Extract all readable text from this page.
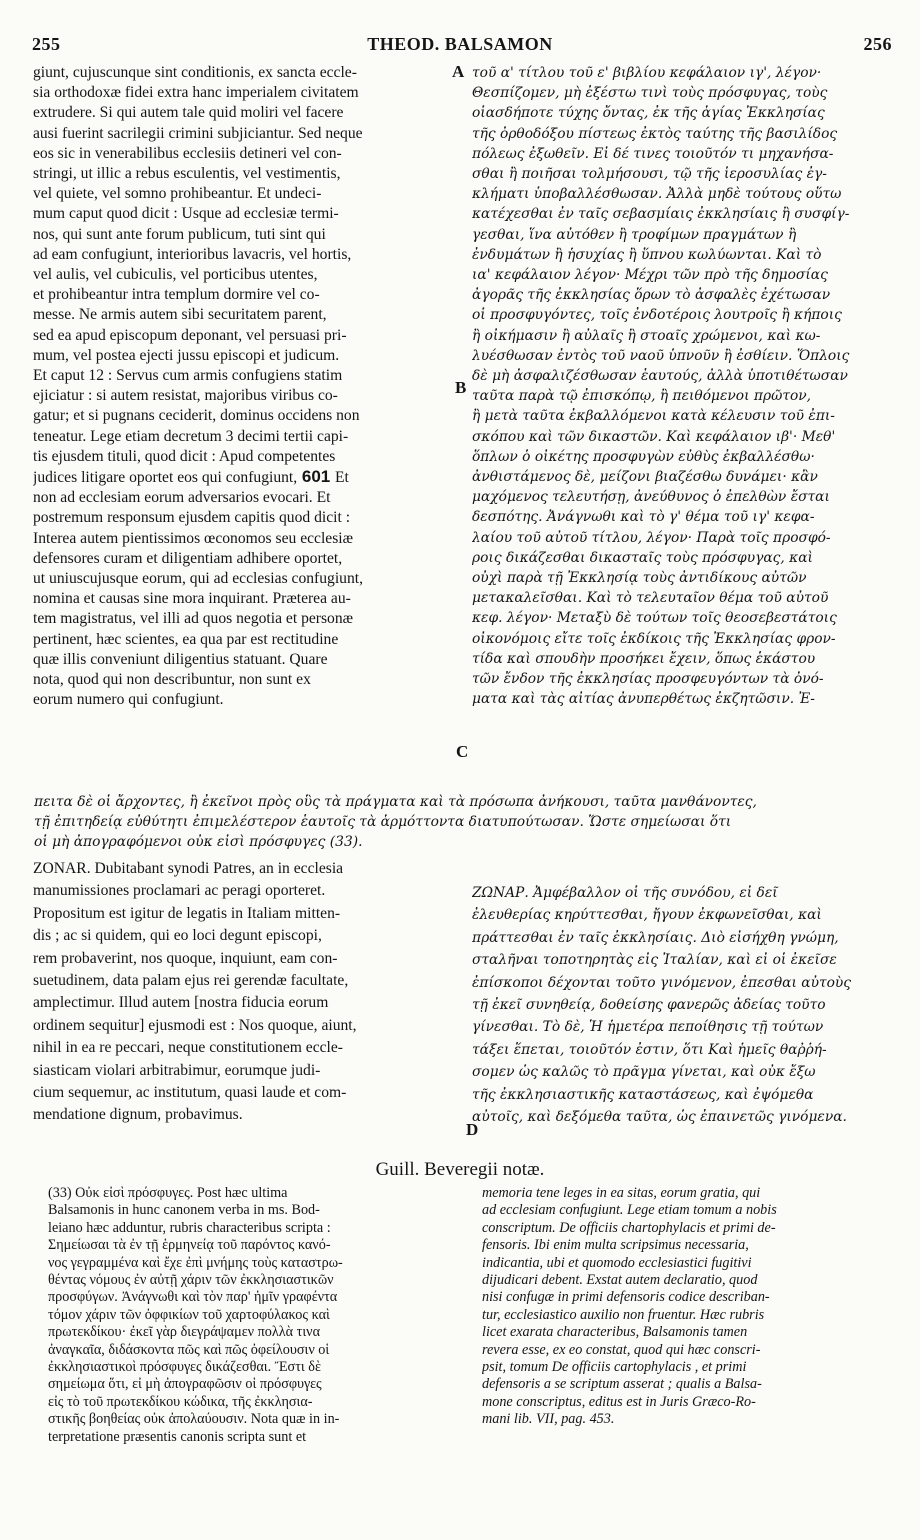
255	THEOD. BALSAMON	256
giunt, cujuscunque sint conditionis, ex sancta eccle-
sia orthodoxæ fidei extra hanc imperialem civitatem
extrudere. Si qui autem tale quid moliri vel facere
ausi fuerint sacrilegii crimini subjiciantur. Sed neque
eos sic in venerabilibus ecclesiis detineri vel con-
stringi, ut illic a rebus esculentis, vel vestimentis,
vel quiete, vel somno prohibeantur. Et undeci-
mum caput quod dicit : Usque ad ecclesiæ termi-
nos, qui sunt ante forum publicum, tuti sint qui
ad eam confugiunt, interioribus lavacris, vel hortis,
vel aulis, vel cubiculis, vel porticibus utentes,
et prohibeantur intra templum dormire vel co-
messe. Ne armis autem sibi securitatem parent,
sed ea apud episcopum deponant, vel persuasi pri-
mum, vel postea ejecti jussu episcopi et judicum.
Et caput 12 : Servus cum armis confugiens statim
ejiciatur : si autem resistat, majoribus viribus co-
gatur; et si pugnans ceciderit, dominus occidens non
teneatur. Lege etiam decretum 3 decimi tertii capi-
tis ejusdem tituli, quod dicit : Apud competentes
judices litigare oportet eos qui confugiunt, 601 Et
non ad ecclesiam eorum adversarios evocari. Et
postremum responsum ejusdem capitis quod dicit :
Interea autem pientissimos œconomos seu ecclesiæ
defensores curam et diligentiam adhibere oportet,
ut uniuscujusque eorum, qui ad ecclesias confugiunt,
nomina et causas sine mora inquirant. Præterea au-
tem magistratus, vel illi ad quos negotia et personæ
pertinent, hæc scientes, ea qua par est rectitudine
quæ illis conveniunt diligentius statuant. Quare
nota, quod qui non describuntur, non sunt ex
eorum numero qui confugiunt.
τοῦ α' τίτλου τοῦ ε' βιβλίου κεφάλαιον ιγ', λέγον·
Θεσπίζομεν, μὴ ἐξέστω τινὶ τοὺς πρόσφυγας, τοὺς
οἱασδήποτε τύχης ὄντας, ἐκ τῆς ἁγίας Ἐκκλησίας
τῆς ὀρθοδόξου πίστεως ἐκτὸς ταύτης τῆς βασιλίδος
πόλεως ἐξωθεῖν. Εἰ δέ τινες τοιοῦτόν τι μηχανήσα-
σθαι ἢ ποιῆσαι τολμήσουσι, τῷ τῆς ἱεροσυλίας ἐγ-
κλήματι ὑποβαλλέσθωσαν. Ἀλλὰ μηδὲ τούτους οὕτω
κατέχεσθαι ἐν ταῖς σεβασμίαις ἐκκλησίαις ἢ συσφίγ-
γεσθαι, ἵνα αὐτόθεν ἢ τροφίμων πραγμάτων ἢ
ἐνδυμάτων ἢ ἡσυχίας ἢ ὕπνου κωλύωνται. Καὶ τὸ
ια' κεφάλαιον λέγον· Μέχρι τῶν πρὸ τῆς δημοσίας
ἀγορᾶς τῆς ἐκκλησίας ὅρων τὸ ἀσφαλὲς ἐχέτωσαν
οἱ προσφυγόντες, τοῖς ἐνδοτέροις λουτροῖς ἢ κήποις
ἢ οἰκήμασιν ἢ αὐλαῖς ἢ στοαῖς χρώμενοι, καὶ κω-
λυέσθωσαν ἐντὸς τοῦ ναοῦ ὑπνοῦν ἢ ἐσθίειν. Ὅπλοις
δὲ μὴ ἀσφαλιζέσθωσαν ἑαυτούς, ἀλλὰ ὑποτιθέτωσαν
ταῦτα παρὰ τῷ ἐπισκόπῳ, ἢ πειθόμενοι πρῶτον,
ἢ μετὰ ταῦτα ἐκβαλλόμενοι κατὰ κέλευσιν τοῦ ἐπι-
σκόπου καὶ τῶν δικαστῶν. Καὶ κεφάλαιον ιβ'· Μεθ'
ὅπλων ὁ οἰκέτης προσφυγὼν εὐθὺς ἐκβαλλέσθω·
ἀνθιστάμενος δὲ, μείζονι βιαζέσθω δυνάμει· κἂν
μαχόμενος τελευτήσῃ, ἀνεύθυνος ὁ ἐπελθὼν ἔσται
δεσπότης. Ἀνάγνωθι καὶ τὸ γ' θέμα τοῦ ιγ' κεφα-
λαίου τοῦ αὐτοῦ τίτλου, λέγον· Παρὰ τοῖς προσφό-
ροις δικάζεσθαι δικασταῖς τοὺς πρόσφυγας, καὶ
οὐχὶ παρὰ τῇ Ἐκκλησίᾳ τοὺς ἀντιδίκους αὐτῶν
μετακαλεῖσθαι. Καὶ τὸ τελευταῖον θέμα τοῦ αὐτοῦ
κεφ. λέγον· Μεταξὺ δὲ τούτων τοῖς θεοσεβεστάτοις
οἰκονόμοις εἴτε τοῖς ἐκδίκοις τῆς Ἐκκλησίας φρον-
τίδα καὶ σπουδὴν προσήκει ἔχειν, ὅπως ἑκάστου
τῶν ἔνδον τῆς ἐκκλησίας προσφευγόντων τὰ ὀνό-
ματα καὶ τὰς αἰτίας ἀνυπερθέτως ἐκζητῶσιν. Ἐ-
A
B
C
D
πειτα δὲ οἱ ἄρχοντες, ἢ ἐκεῖνοι πρὸς οὓς τὰ πράγματα καὶ τὰ πρόσωπα ἀνήκουσι, ταῦτα μανθάνοντες,
τῇ ἐπιτηδείᾳ εὐθύτητι ἐπιμελέστερον ἑαυτοῖς τὰ ἁρμόττοντα διατυπούτωσαν. Ὥστε σημείωσαι ὅτι
οἱ μὴ ἀπογραφόμενοι οὐκ εἰσὶ πρόσφυγες (33).
ZONAR. Dubitabant synodi Patres, an in ecclesia
manumissiones proclamari ac peragi oporteret.
Propositum est igitur de legatis in Italiam mitten-
dis ; ac si quidem, qui eo loci degunt episcopi,
rem probaverint, nos quoque, inquiunt, eam con-
suetudinem, data palam ejus rei gerendæ facultate,
amplectimur. Illud autem [nostra fiducia eorum
ordinem sequitur] ejusmodi est : Nos quoque, aiunt,
nihil in ea re peccari, neque constitutionem eccle-
siasticam violari arbitrabimur, eorumque judi-
cium sequemur, ac institutum, quasi laude et com-
mendatione dignum, probavimus.
ΖΩΝΑΡ. Ἀμφέβαλλον οἱ τῆς συνόδου, εἰ δεῖ
ἐλευθερίας κηρύττεσθαι, ἤγουν ἐκφωνεῖσθαι, καὶ
πράττεσθαι ἐν ταῖς ἐκκλησίαις. Διὸ εἰσήχθη γνώμη,
σταλῆναι τοποτηρητὰς εἰς Ἰταλίαν, καὶ εἰ οἱ ἐκεῖσε
ἐπίσκοποι δέχονται τοῦτο γινόμενον, ἐπεσθαι αὐτοὺς
τῇ ἐκεῖ συνηθείᾳ, δοθείσης φανερῶς ἀδείας τοῦτο
γίνεσθαι. Τὸ δὲ, Ἡ ἡμετέρα πεποίθησις τῇ τούτων
τάξει ἕπεται, τοιοῦτόν ἐστιν, ὅτι Καὶ ἡμεῖς θαῤῥή-
σομεν ὡς καλῶς τὸ πρᾶγμα γίνεται, καὶ οὐκ ἔξω
τῆς ἐκκλησιαστικῆς καταστάσεως, καὶ ἐψόμεθα
αὐτοῖς, καὶ δεξόμεθα ταῦτα, ὡς ἐπαινετῶς γινόμενα.
Guill. Beveregii notæ.
(33) Οὐκ εἰσὶ πρόσφυγες. Post hæc ultima
Balsamonis in hunc canonem verba in ms. Bod-
leiano hæc adduntur, rubris characteribus scripta :
Σημείωσαι τὰ ἐν τῇ ἑρμηνείᾳ τοῦ παρόντος κανό-
νος γεγραμμένα καὶ ἔχε ἐπὶ μνήμης τοὺς καταστρω-
θέντας νόμους ἐν αὐτῇ χάριν τῶν ἐκκλησιαστικῶν
προσφύγων. Ἀνάγνωθι καὶ τὸν παρ' ἡμῖν γραφέντα
τόμον χάριν τῶν ὀφφικίων τοῦ χαρτοφύλακος καὶ
πρωτεκδίκου· ἐκεῖ γὰρ διεγράψαμεν πολλὰ τινα
ἀναγκαῖα, διδάσκοντα πῶς καὶ πῶς ὀφείλουσιν οἱ
ἐκκλησιαστικοὶ πρόσφυγες δικάζεσθαι. Ἔστι δὲ
σημείωμα ὅτι, εἰ μὴ ἀπογραφῶσιν οἱ πρόσφυγες
εἰς τὸ τοῦ πρωτεκδίκου κώδικα, τῆς ἐκκλησια-
στικῆς βοηθείας οὐκ ἀπολαύουσιν. Nota quæ in in-
terpretatione præsentis canonis scripta sunt et
memoria tene leges in ea sitas, eorum gratia, qui
ad ecclesiam confugiunt. Lege etiam tomum a nobis
conscriptum. De officiis chartophylacis et primi de-
fensoris. Ibi enim multa scripsimus necessaria,
indicantia, ubi et quomodo ecclesiastici fugitivi
dijudicari debent. Exstat autem declaratio, quod
nisi confugæ in primi defensoris codice describan-
tur, ecclesiastico auxilio non fruentur. Hæc rubris
licet exarata characteribus, Balsamonis tamen
revera esse, ex eo constat, quod qui hæc conscri-
psit, tomum De officiis cartophylacis , et primi
defensoris a se scriptum asserat ; qualis a Balsa-
mone conscriptus, editus est in Juris Græco-Ro-
mani lib. VII, pag. 453.
